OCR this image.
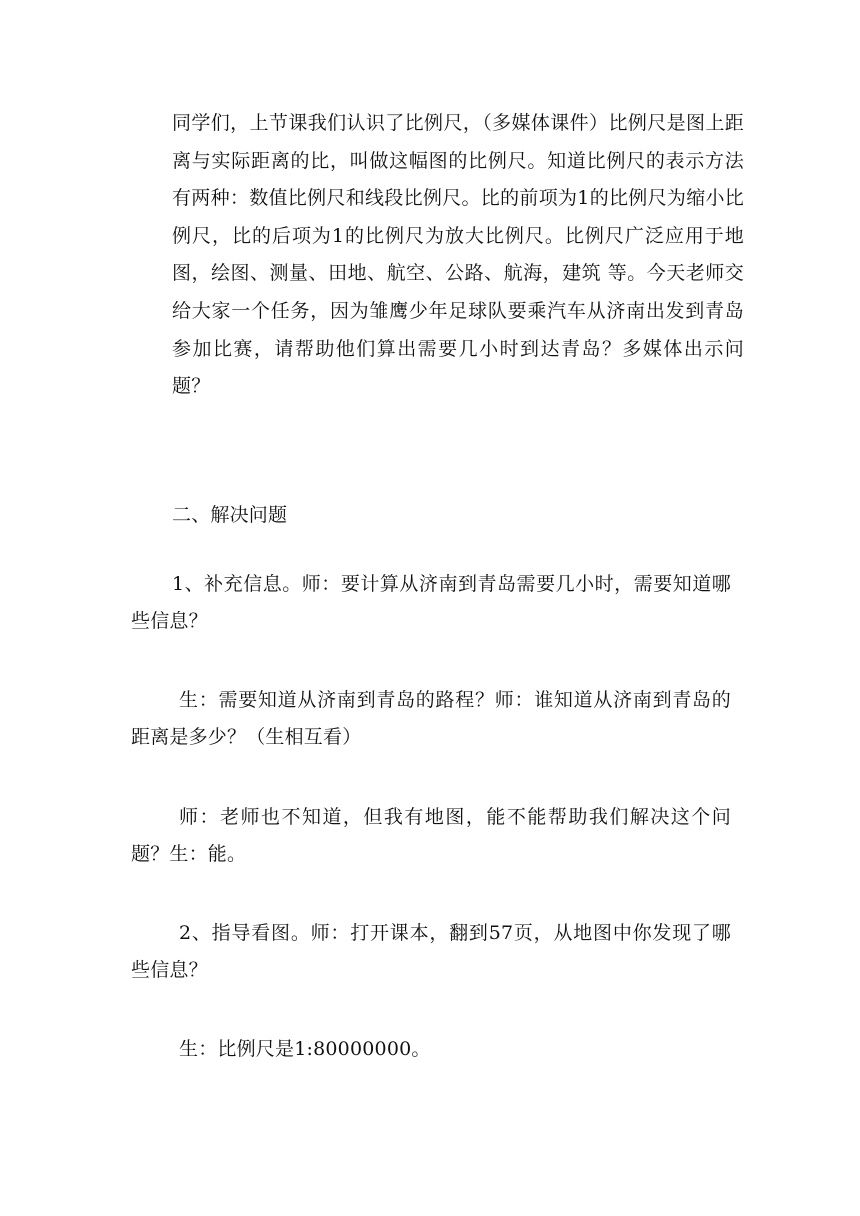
同学们，上节课我们认识了比例尺，（多媒体课件）比例尺是图上距离与实际距离的比，叫做这幅图的比例尺。知道比例尺的表示方法有两种：数值比例尺和线段比例尺。比的前项为1的比例尺为缩小比例尺，比的后项为1的比例尺为放大比例尺。比例尺广泛应用于地图，绘图、测量、田地、航空、公路、航海，建筑 等。今天老师交给大家一个任务，因为雏鹰少年足球队要乘汽车从济南出发到青岛参加比赛，请帮助他们算出需要几小时到达青岛？多媒体出示问题？

二、解决问题

1、补充信息。师：要计算从济南到青岛需要几小时，需要知道哪些信息？

生：需要知道从济南到青岛的路程？师：谁知道从济南到青岛的距离是多少？（生相互看）

师：老师也不知道，但我有地图，能不能帮助我们解决这个问题？生：能。

2、指导看图。师：打开课本，翻到57页，从地图中你发现了哪些信息？

生：比例尺是1:80000000。
